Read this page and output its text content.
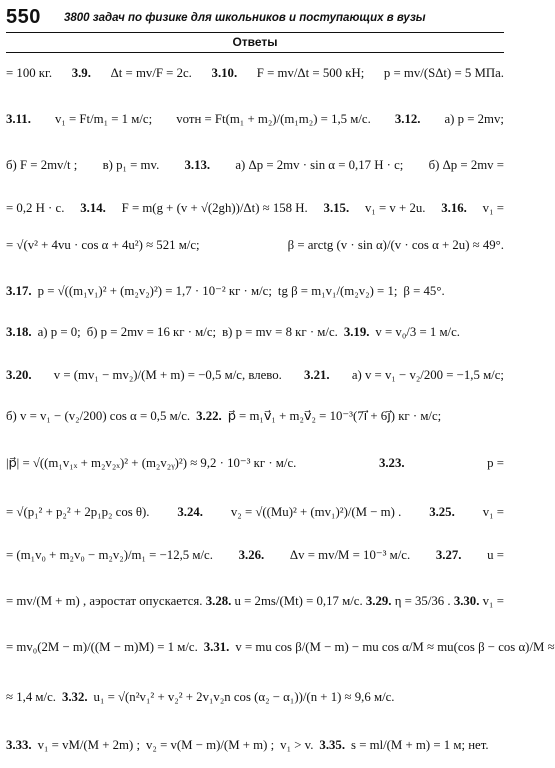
550 3800 задач по физике для школьников и поступающих в вузы
Ответы
= 100 кг. 3.9. Δt = mv/F = 2с. 3.10. F = mv/Δt = 500 кН; p = mv/(SΔt) = 5 МПа.
3.11. v₁ = Ft/m₁ = 1 м/с; vотн = Ft(m₁ + m₂)/(m₁m₂) = 1,5 м/с. 3.12. а) p = 2mv;
б) F = 2mv/t ; в) p₁ = mv. 3.13. а) Δp = 2mv · sin α = 0,17 Н · с; б) Δp = 2mv =
= 0,2 Н · с. 3.14. F = m(g + (v + √(2gh))/Δt) ≈ 158 Н. 3.15. v₁ = v + 2u. 3.16. v₁ =
= √(v² + 4vu · cos α + 4u²) ≈ 521 м/с;	β = arctg (v · sin α)/(v · cos α + 2u) ≈ 49°.
3.17. p = √((m₁v₁)² + (m₂v₂)²) = 1,7 · 10⁻² кг · м/с; tg β = m₁v₁/(m₂v₂) = 1; β = 45°.
3.18. а) p = 0; б) p = 2mv = 16 кг · м/с; в) p = mv = 8 кг · м/с. 3.19. v = v₀/3 = 1 м/с.
3.20. v = (mv₁ − mv₂)/(M + m) = −0,5 м/с, влево. 3.21. а) v = v₁ − v₂/200 = −1,5 м/с;
б) v = v₁ − (v₂/200) cos α = 0,5 м/с. 3.22. p⃗ = m₁v⃗₁ + m₂v⃗₂ = 10⁻³(7i⃗ + 6j⃗) кг · м/с;
|p⃗| = √((m₁v₁ₓ + m₂v₂ₓ)² + (m₂v₂ᵧ)²) ≈ 9,2 · 10⁻³ кг · м/с.	3.23.	p =
= √(p₁² + p₂² + 2p₁p₂ cos θ). 3.24. v₂ = √((Mu)² + (mv₁)²)/(M − m) . 3.25. v₁ =
= (m₁v₀ + m₂v₀ − m₂v₂)/m₁ = −12,5 м/с. 3.26. Δv = mv/M = 10⁻³ м/с. 3.27. u =
= mv/(M + m) , аэростат опускается. 3.28. u = 2ms/(Mt) = 0,17 м/с. 3.29. η = 35/36 . 3.30. v₁ =
= mv₀(2M − m)/((M − m)M) = 1 м/с. 3.31. v = mu cos β/(M − m) − mu cos α/M ≈ mu(cos β − cos α)/M ≈
≈ 1,4 м/с. 3.32. u₁ = √(n²v₁² + v₂² + 2v₁v₂n cos (α₂ − α₁))/(n + 1) ≈ 9,6 м/с.
3.33. v₁ = vM/(M + 2m) ; v₂ = v(M − m)/(M + m) ; v₁ > v. 3.35. s = ml/(M + m) = 1 м; нет.
